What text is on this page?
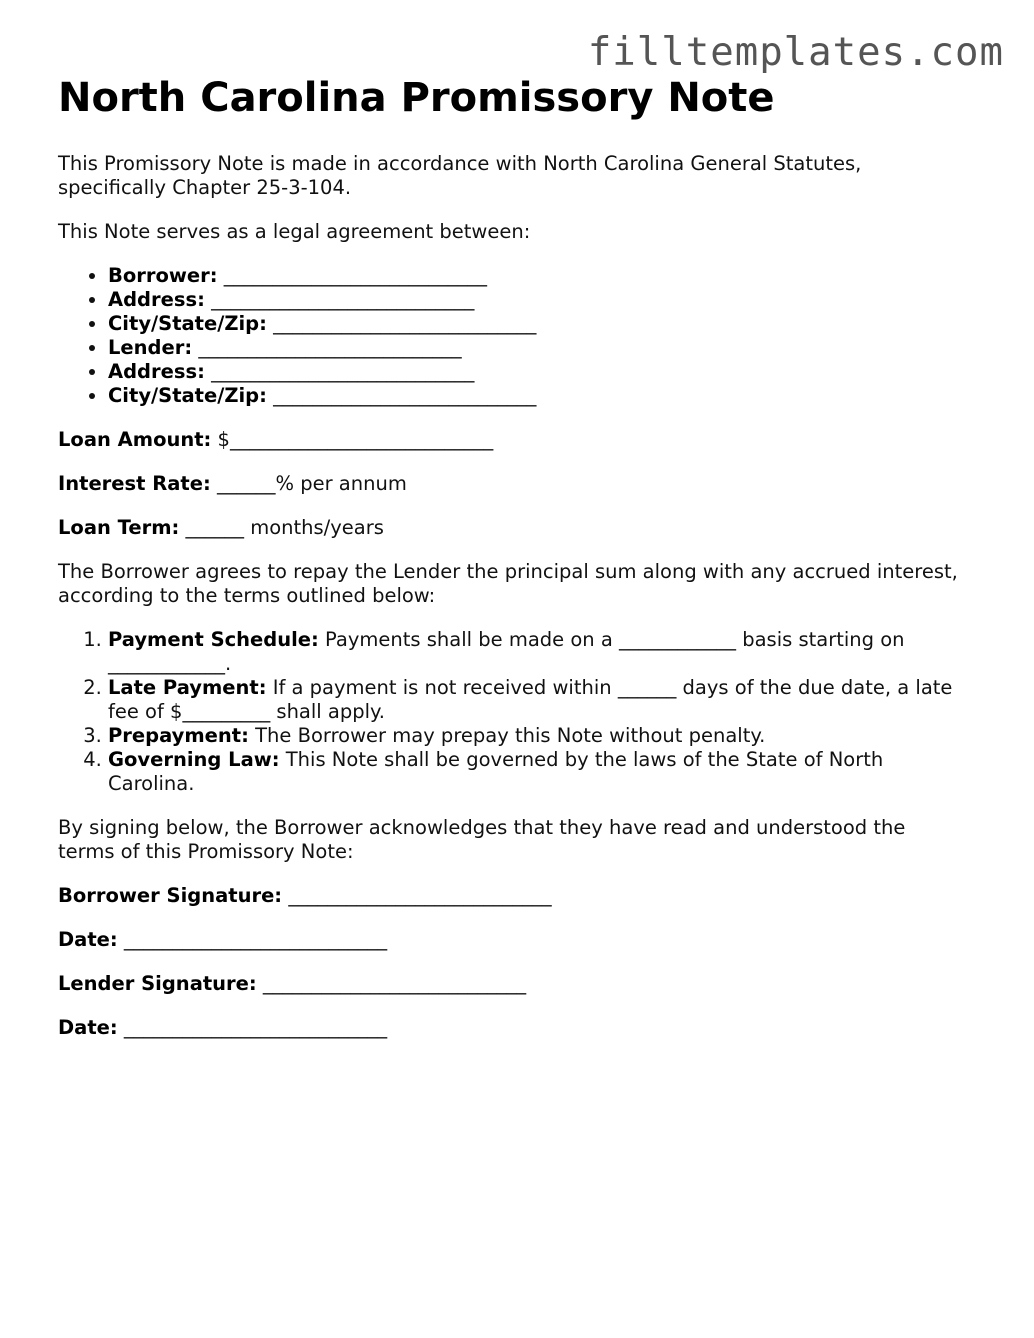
filltemplates.com
North Carolina Promissory Note

This Promissory Note is made in accordance with North Carolina General Statutes, specifically Chapter 25-3-104.

This Note serves as a legal agreement between:

• Borrower: ___________________________
• Address: ___________________________
• City/State/Zip: ___________________________
• Lender: ___________________________
• Address: ___________________________
• City/State/Zip: ___________________________

Loan Amount: $___________________________

Interest Rate: ______% per annum

Loan Term: ______ months/years

The Borrower agrees to repay the Lender the principal sum along with any accrued interest, according to the terms outlined below:

1. Payment Schedule: Payments shall be made on a ____________ basis starting on ____________.
2. Late Payment: If a payment is not received within ______ days of the due date, a late fee of $_________ shall apply.
3. Prepayment: The Borrower may prepay this Note without penalty.
4. Governing Law: This Note shall be governed by the laws of the State of North Carolina.

By signing below, the Borrower acknowledges that they have read and understood the terms of this Promissory Note:

Borrower Signature: ___________________________

Date: ___________________________

Lender Signature: ___________________________

Date: ___________________________
